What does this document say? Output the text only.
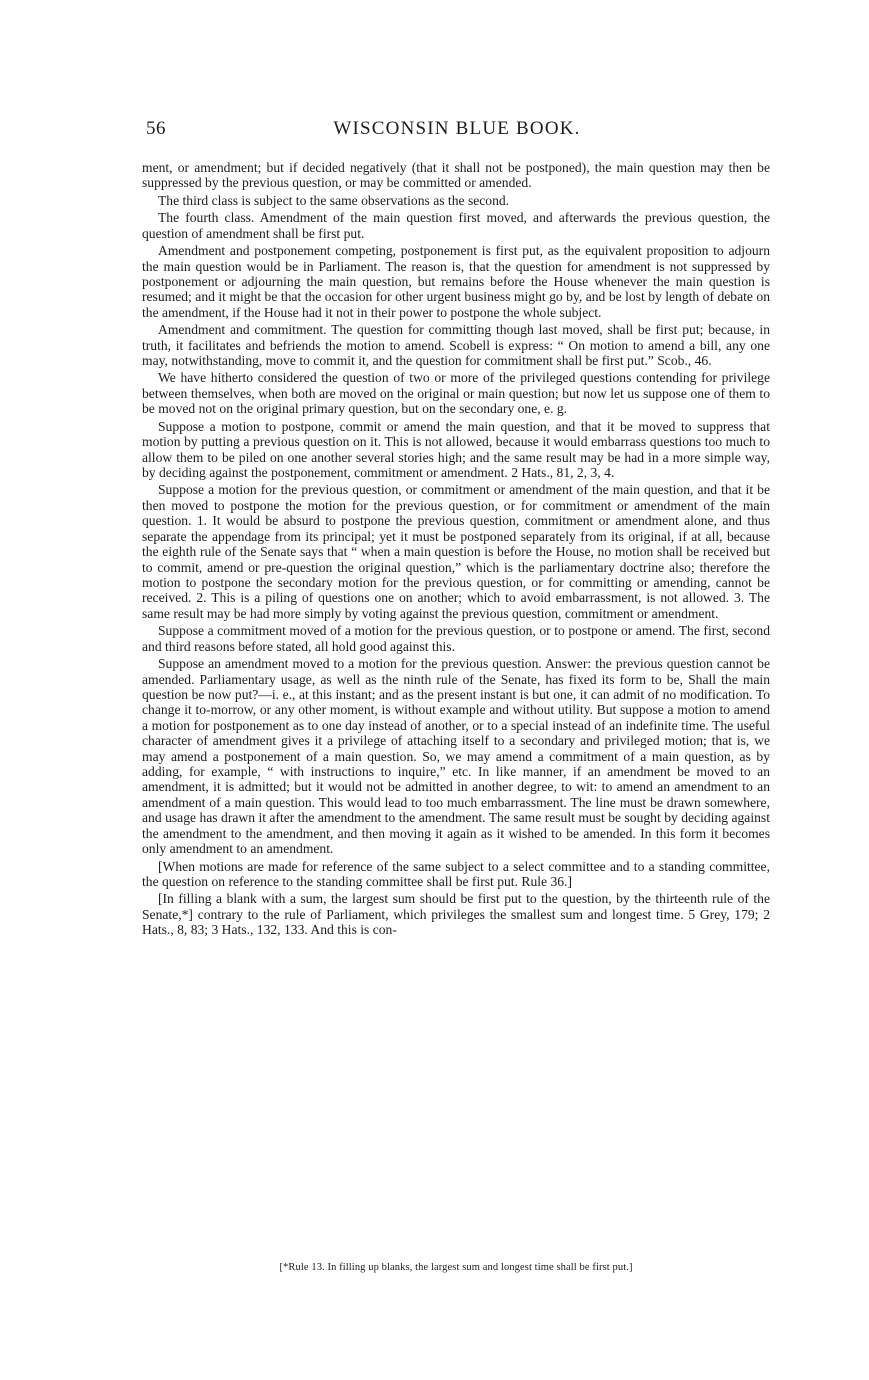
56	WISCONSIN BLUE BOOK.

ment, or amendment; but if decided negatively (that it shall not be postponed), the main question may then be suppressed by the previous question, or may be committed or amended.

The third class is subject to the same observations as the second.

The fourth class. Amendment of the main question first moved, and afterwards the previous question, the question of amendment shall be first put.

Amendment and postponement competing, postponement is first put, as the equivalent proposition to adjourn the main question would be in Parliament. The reason is, that the question for amendment is not suppressed by postponement or adjourning the main question, but remains before the House whenever the main question is resumed; and it might be that the occasion for other urgent business might go by, and be lost by length of debate on the amendment, if the House had it not in their power to postpone the whole subject.

Amendment and commitment. The question for committing though last moved, shall be first put; because, in truth, it facilitates and befriends the motion to amend. Scobell is express: “ On motion to amend a bill, any one may, notwithstanding, move to commit it, and the question for commitment shall be first put.” Scob., 46.

We have hitherto considered the question of two or more of the privileged questions contending for privilege between themselves, when both are moved on the original or main question; but now let us suppose one of them to be moved not on the original primary question, but on the secondary one, e. g.

Suppose a motion to postpone, commit or amend the main question, and that it be moved to suppress that motion by putting a previous question on it. This is not allowed, because it would embarrass questions too much to allow them to be piled on one another several stories high; and the same result may be had in a more simple way, by deciding against the postponement, commitment or amendment. 2 Hats., 81, 2, 3, 4.

Suppose a motion for the previous question, or commitment or amendment of the main question, and that it be then moved to postpone the motion for the previous question, or for commitment or amendment of the main question. 1. It would be absurd to postpone the previous question, commitment or amendment alone, and thus separate the appendage from its principal; yet it must be postponed separately from its original, if at all, because the eighth rule of the Senate says that “ when a main question is before the House, no motion shall be received but to commit, amend or pre-question the original question,” which is the parliamentary doctrine also; therefore the motion to postpone the secondary motion for the previous question, or for committing or amending, cannot be received. 2. This is a piling of questions one on another; which to avoid embarrassment, is not allowed. 3. The same result may be had more simply by voting against the previous question, commitment or amendment.

Suppose a commitment moved of a motion for the previous question, or to postpone or amend. The first, second and third reasons before stated, all hold good against this.

Suppose an amendment moved to a motion for the previous question. Answer: the previous question cannot be amended. Parliamentary usage, as well as the ninth rule of the Senate, has fixed its form to be, Shall the main question be now put?—i. e., at this instant; and as the present instant is but one, it can admit of no modification. To change it to-morrow, or any other moment, is without example and without utility. But suppose a motion to amend a motion for postponement as to one day instead of another, or to a special instead of an indefinite time. The useful character of amendment gives it a privilege of attaching itself to a secondary and privileged motion; that is, we may amend a postponement of a main question. So, we may amend a commitment of a main question, as by adding, for example, “ with instructions to inquire,” etc. In like manner, if an amendment be moved to an amendment, it is admitted; but it would not be admitted in another degree, to wit: to amend an amendment to an amendment of a main question. This would lead to too much embarrassment. The line must be drawn somewhere, and usage has drawn it after the amendment to the amendment. The same result must be sought by deciding against the amendment to the amendment, and then moving it again as it wished to be amended. In this form it becomes only amendment to an amendment.

[When motions are made for reference of the same subject to a select committee and to a standing committee, the question on reference to the standing committee shall be first put. Rule 36.]

[In filling a blank with a sum, the largest sum should be first put to the question, by the thirteenth rule of the Senate,*] contrary to the rule of Parliament, which privileges the smallest sum and longest time. 5 Grey, 179; 2 Hats., 8, 83; 3 Hats., 132, 133. And this is con-

[*Rule 13. In filling up blanks, the largest sum and longest time shall be first put.]
